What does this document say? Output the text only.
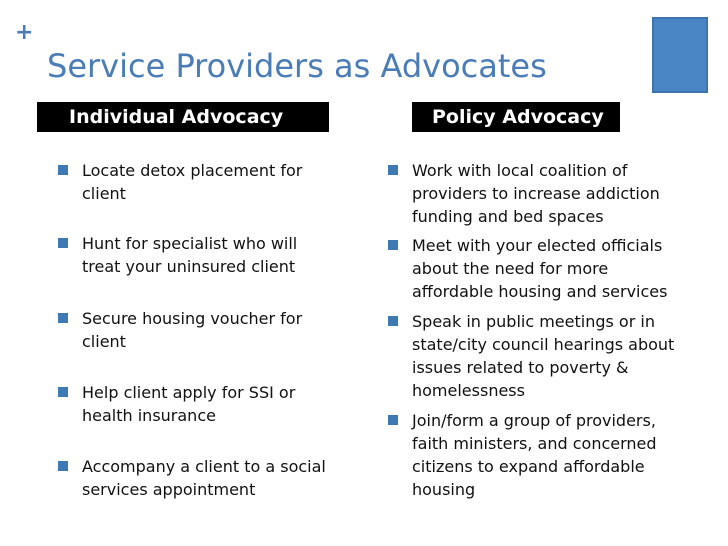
+
Service Providers as Advocates
Individual Advocacy	Policy Advocacy
Locate detox placement for client
Hunt for specialist who will treat your uninsured client
Secure housing voucher for client
Help client apply for SSI or health insurance
Accompany a client to a social services appointment
Work with local coalition of providers to increase addiction funding and bed spaces
Meet with your elected officials about the need for more affordable housing and services
Speak in public meetings or in state/city council hearings about issues related to poverty & homelessness
Join/form a group of providers, faith ministers, and concerned citizens to expand affordable housing
